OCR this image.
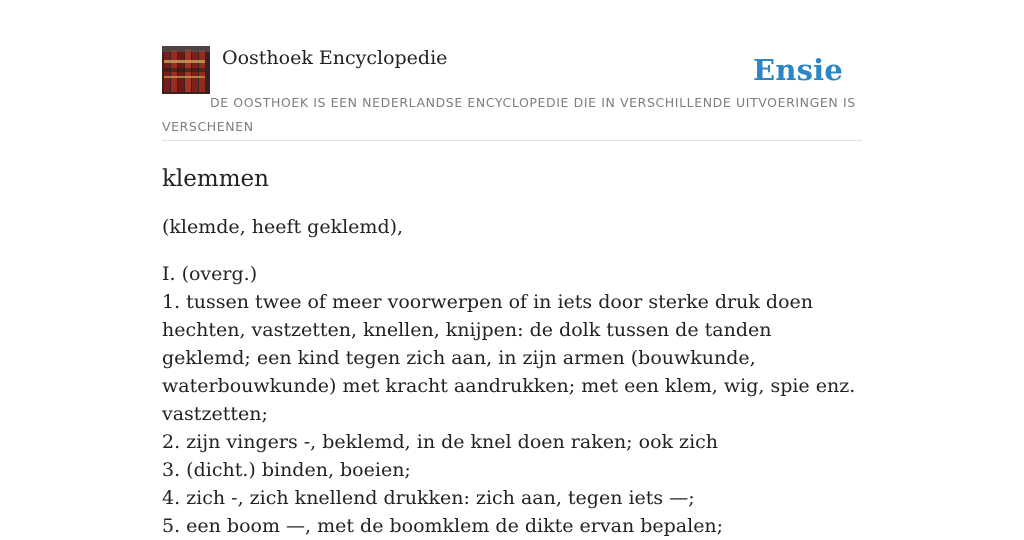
Oosthoek Encyclopedie	Ensie
DE OOSTHOEK IS EEN NEDERLANDSE ENCYCLOPEDIE DIE IN VERSCHILLENDE UITVOERINGEN IS VERSCHENEN
klemmen

(klemde, heeft geklemd),

I. (overg.)
1. tussen twee of meer voorwerpen of in iets door sterke druk doen hechten, vastzetten, knellen, knijpen: de dolk tussen de tanden geklemd; een kind tegen zich aan, in zijn armen (bouwkunde, waterbouwkunde) met kracht aandrukken; met een klem, wig, spie enz. vastzetten;
2. zijn vingers -, beklemd, in de knel doen raken; ook zich
3. (dicht.) binden, boeien;
4. zich -, zich knellend drukken: zich aan, tegen iets —;
5. een boom —, met de boomklem de dikte ervan bepalen;
